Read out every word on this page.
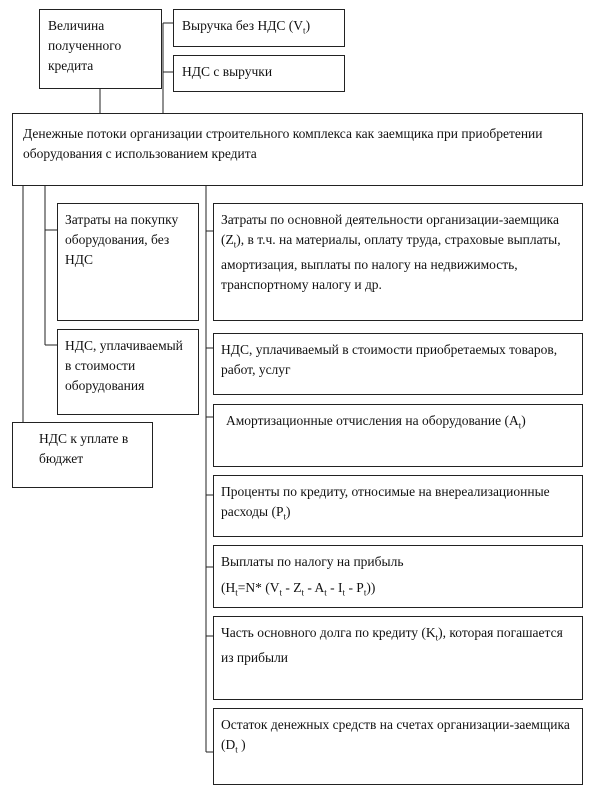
Величина полученного кредита
Выручка без НДС $(V_t)$
НДС с выручки
Денежные потоки организации строительного комплекса как заемщика при приобретении оборудования с использованием кредита
Затраты на покупку оборудования, без НДС
НДС, уплачиваемый в стоимости оборудования
НДС к уплате в бюджет
Затраты по основной деятельности организации-заемщика $(Z_t)$, в т.ч. на материалы, оплату труда, страховые выплаты, амортизация, выплаты по налогу на недвижимость, транспортному налогу и др.
НДС, уплачиваемый в стоимости приобретаемых товаров, работ, услуг
Амортизационные отчисления на оборудование $(A_t)$
Проценты по кредиту, относимые на внереализационные расходы $(P_t)$
Выплаты по налогу на прибыль
($H_t=N*$ $(V_t - Z_t - A_t - I_t - P_t)$)
Часть основного долга по кредиту $(K_t)$, которая погашается из прибыли
Остаток денежных средств на счетах организации-заемщика ($D_t$ )
